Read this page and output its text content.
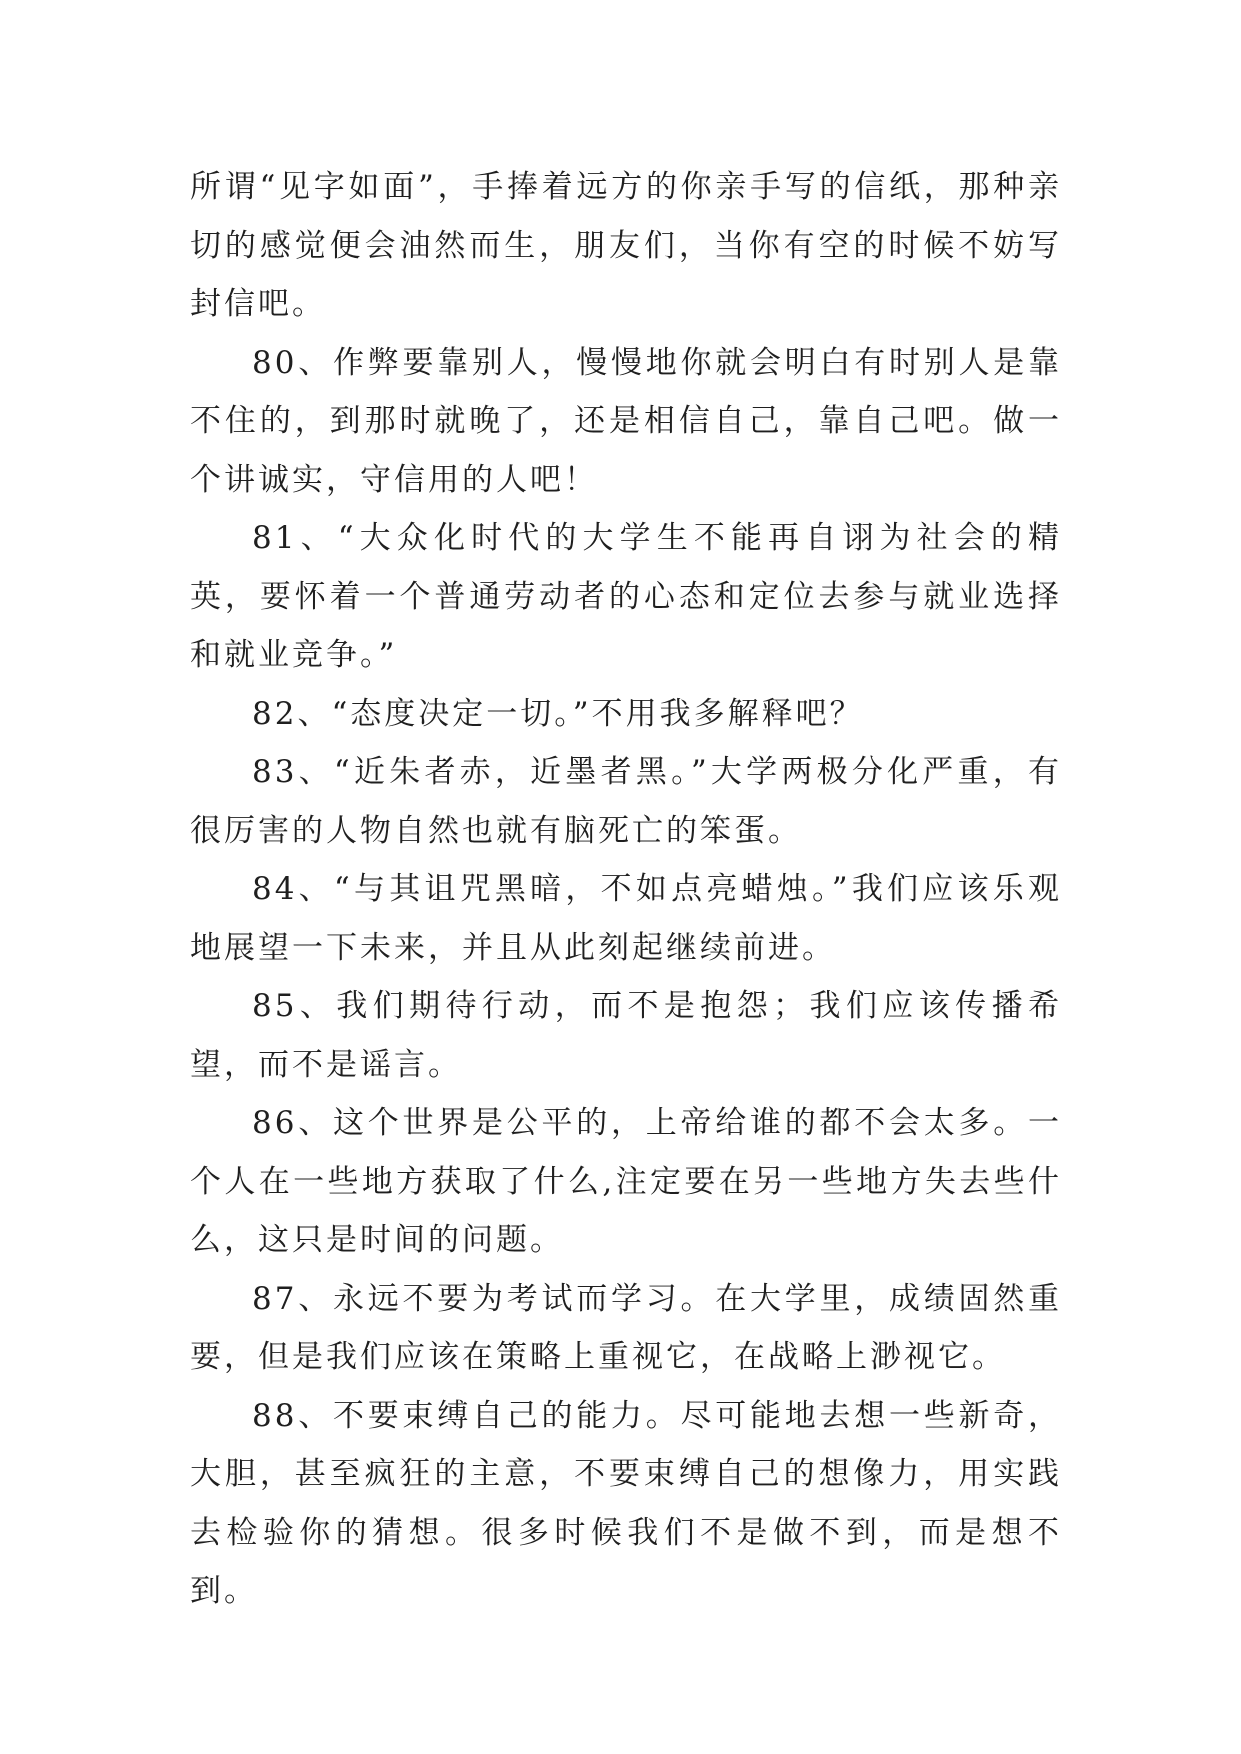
所谓“见字如面”，手捧着远方的你亲手写的信纸，那种亲切的感觉便会油然而生，朋友们，当你有空的时候不妨写封信吧。

80、作弊要靠别人，慢慢地你就会明白有时别人是靠不住的，到那时就晚了，还是相信自己，靠自己吧。做一个讲诚实，守信用的人吧！

81、“大众化时代的大学生不能再自诩为社会的精英，要怀着一个普通劳动者的心态和定位去参与就业选择和就业竞争。”

82、“态度决定一切。”不用我多解释吧？

83、“近朱者赤，近墨者黑。”大学两极分化严重，有很厉害的人物自然也就有脑死亡的笨蛋。

84、“与其诅咒黑暗，不如点亮蜡烛。”我们应该乐观地展望一下未来，并且从此刻起继续前进。

85、我们期待行动，而不是抱怨；我们应该传播希望，而不是谣言。

86、这个世界是公平的，上帝给谁的都不会太多。一个人在一些地方获取了什么,注定要在另一些地方失去些什么，这只是时间的问题。

87、永远不要为考试而学习。在大学里，成绩固然重要，但是我们应该在策略上重视它，在战略上渺视它。

88、不要束缚自己的能力。尽可能地去想一些新奇，大胆，甚至疯狂的主意，不要束缚自己的想像力，用实践去检验你的猜想。很多时候我们不是做不到，而是想不到。
